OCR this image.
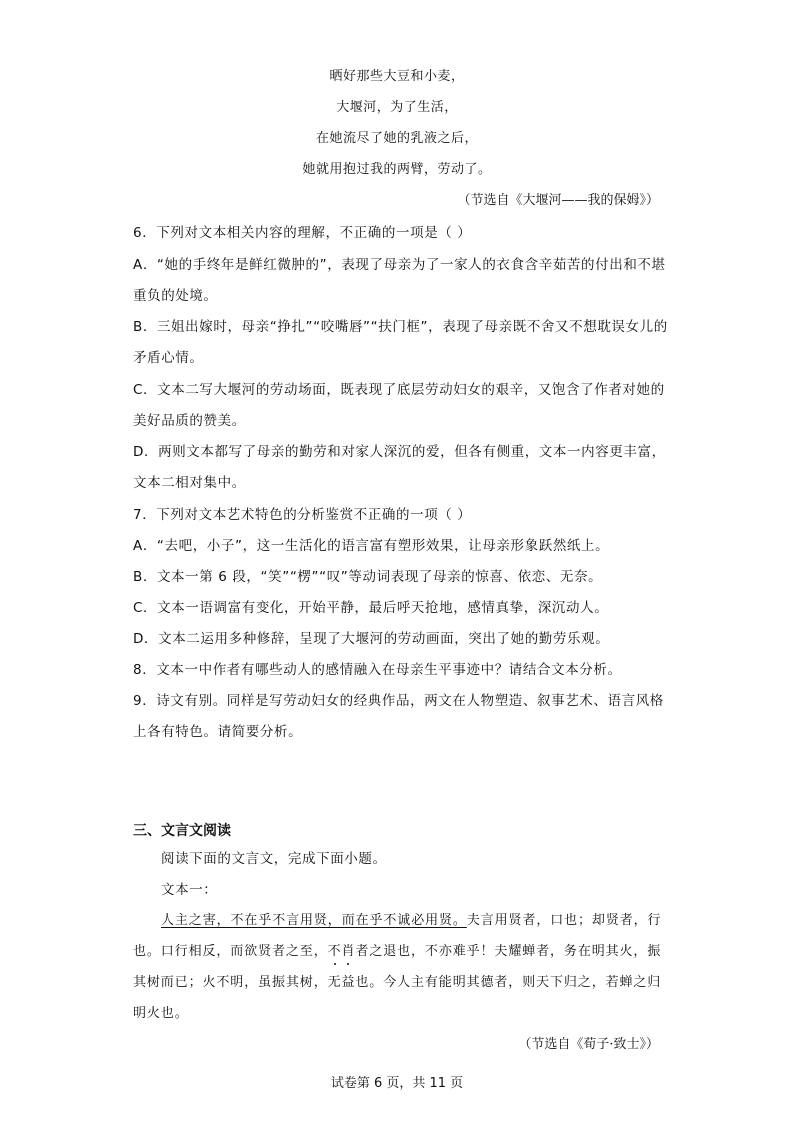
晒好那些大豆和小麦，
大堰河，为了生活，
在她流尽了她的乳液之后，
她就用抱过我的两臂，劳动了。
（节选自《大堰河——我的保姆》）
6．下列对文本相关内容的理解，不正确的一项是（ ）
A．“她的手终年是鲜红微肿的”，表现了母亲为了一家人的衣食含辛茹苦的付出和不堪
重负的处境。
B．三姐出嫁时，母亲“挣扎”“咬嘴唇”“扶门框”，表现了母亲既不舍又不想耽误女儿的
矛盾心情。
C．文本二写大堰河的劳动场面，既表现了底层劳动妇女的艰辛，又饱含了作者对她的
美好品质的赞美。
D．两则文本都写了母亲的勤劳和对家人深沉的爱，但各有侧重，文本一内容更丰富，
文本二相对集中。
7．下列对文本艺术特色的分析鉴赏不正确的一项（ ）
A．“去吧，小子”，这一生活化的语言富有塑形效果，让母亲形象跃然纸上。
B．文本一第 6 段，“笑”“楞”“叹”等动词表现了母亲的惊喜、依恋、无奈。
C．文本一语调富有变化，开始平静，最后呼天抢地，感情真挚，深沉动人。
D．文本二运用多种修辞，呈现了大堰河的劳动画面，突出了她的勤劳乐观。
8．文本一中作者有哪些动人的感情融入在母亲生平事迹中？请结合文本分析。
9．诗文有别。同样是写劳动妇女的经典作品，两文在人物塑造、叙事艺术、语言风格
上各有特色。请简要分析。
三、文言文阅读
阅读下面的文言文，完成下面小题。
文本一：
人主之害，不在乎不言用贤，而在乎不诚必用贤。夫言用贤者，口也；却贤者，行
也。口行相反，而欲贤者之至，不肖者之退也，不亦难乎！夫耀蝉者，务在明其火，振
其树而已；火不明，虽振其树，无益也。今人主有能明其德者，则天下归之，若蝉之归
明火也。
（节选自《荀子·致士》）
试卷第 6 页，共 11 页
